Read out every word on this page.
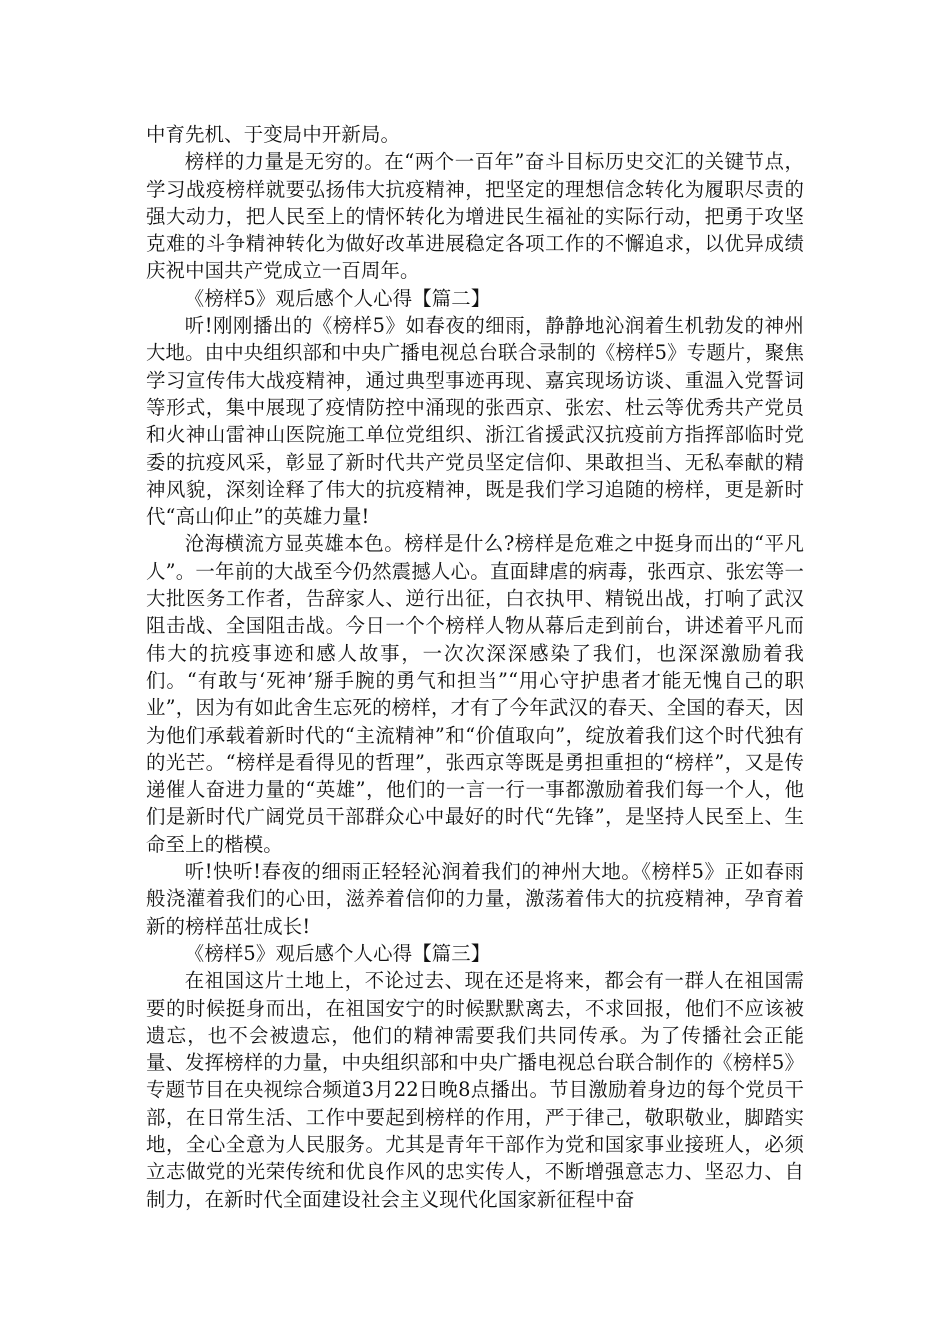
中育先机、于变局中开新局。

榜样的力量是无穷的。在“两个一百年”奋斗目标历史交汇的关键节点，学习战疫榜样就要弘扬伟大抗疫精神，把坚定的理想信念转化为履职尽责的强大动力，把人民至上的情怀转化为增进民生福祉的实际行动，把勇于攻坚克难的斗争精神转化为做好改革进展稳定各项工作的不懈追求，以优异成绩庆祝中国共产党成立一百周年。

《榜样5》观后感个人心得【篇二】

听!刚刚播出的《榜样5》如春夜的细雨，静静地沁润着生机勃发的神州大地。由中央组织部和中央广播电视总台联合录制的《榜样5》专题片，聚焦学习宣传伟大战疫精神，通过典型事迹再现、嘉宾现场访谈、重温入党誓词等形式，集中展现了疫情防控中涌现的张西京、张宏、杜云等优秀共产党员和火神山雷神山医院施工单位党组织、浙江省援武汉抗疫前方指挥部临时党委的抗疫风采，彰显了新时代共产党员坚定信仰、果敢担当、无私奉献的精神风貌，深刻诠释了伟大的抗疫精神，既是我们学习追随的榜样，更是新时代“高山仰止”的英雄力量!

沧海横流方显英雄本色。榜样是什么?榜样是危难之中挺身而出的“平凡人”。一年前的大战至今仍然震撼人心。直面肆虐的病毒，张西京、张宏等一大批医务工作者，告辞家人、逆行出征，白衣执甲、精锐出战，打响了武汉阻击战、全国阻击战。今日一个个榜样人物从幕后走到前台，讲述着平凡而伟大的抗疫事迹和感人故事，一次次深深感染了我们，也深深激励着我们。“有敢与‘死神’掰手腕的勇气和担当”“用心守护患者才能无愧自己的职业”，因为有如此舍生忘死的榜样，才有了今年武汉的春天、全国的春天，因为他们承载着新时代的“主流精神”和“价值取向”，绽放着我们这个时代独有的光芒。“榜样是看得见的哲理”，张西京等既是勇担重担的“榜样”，又是传递催人奋进力量的“英雄”，他们的一言一行一事都激励着我们每一个人，他们是新时代广阔党员干部群众心中最好的时代“先锋”，是坚持人民至上、生命至上的楷模。

听!快听!春夜的细雨正轻轻沁润着我们的神州大地。《榜样5》正如春雨般浇灌着我们的心田，滋养着信仰的力量，激荡着伟大的抗疫精神，孕育着新的榜样茁壮成长!

《榜样5》观后感个人心得【篇三】

在祖国这片土地上，不论过去、现在还是将来，都会有一群人在祖国需要的时候挺身而出，在祖国安宁的时候默默离去，不求回报，他们不应该被遗忘，也不会被遗忘，他们的精神需要我们共同传承。为了传播社会正能量、发挥榜样的力量，中央组织部和中央广播电视总台联合制作的《榜样5》专题节目在央视综合频道3月22日晚8点播出。节目激励着身边的每个党员干部，在日常生活、工作中要起到榜样的作用，严于律己，敬职敬业，脚踏实地，全心全意为人民服务。尤其是青年干部作为党和国家事业接班人，必须立志做党的光荣传统和优良作风的忠实传人，不断增强意志力、坚忍力、自制力，在新时代全面建设社会主义现代化国家新征程中奋
